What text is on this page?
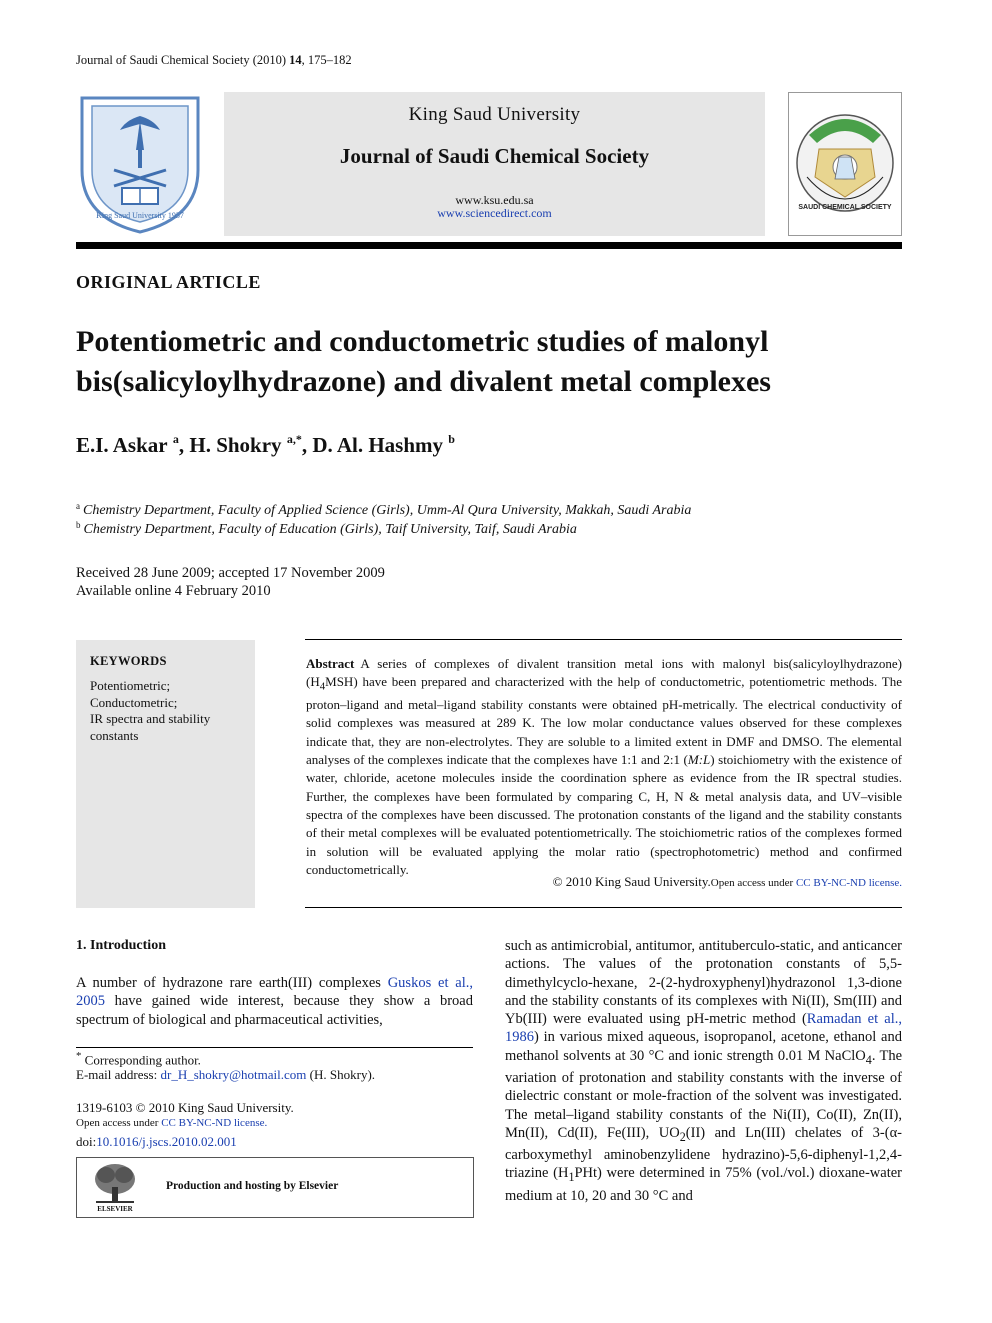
Journal of Saudi Chemical Society (2010) 14, 175–182
King Saud University 1957
King Saud University
Journal of Saudi Chemical Society
www.ksu.edu.sa
www.sciencedirect.com	SAUDI CHEMICAL SOCIETY
ORIGINAL ARTICLE
Potentiometric and conductometric studies of malonyl
bis(salicyloylhydrazone) and divalent metal complexes
E.I. Askar $^a$, H. Shokry $^{a,*}$, D. Al. Hashmy $^b$
$^a$ Chemistry Department, Faculty of Applied Science (Girls), Umm-Al Qura University, Makkah, Saudi Arabia
$^b$ Chemistry Department, Faculty of Education (Girls), Taif University, Taif, Saudi Arabia
Received 28 June 2009; accepted 17 November 2009
Available online 4 February 2010
KEYWORDS
Potentiometric;
Conductometric;
IR spectra and stability constants
Abstract A series of complexes of divalent transition metal ions with malonyl bis(salicyloylhydrazone) $(H_4MSH)$ have been prepared and characterized with the help of conductometric, potentiometric methods. The proton–ligand and metal–ligand stability constants were obtained pH-metrically. The electrical conductivity of solid complexes was measured at 289 K. The low molar conductance values observed for these complexes indicate that, they are non-electrolytes. They are soluble to a limited extent in DMF and DMSO. The elemental analyses of the complexes indicate that the complexes have 1:1 and 2:1 (M:L) stoichiometry with the existence of water, chloride, acetone molecules inside the coordination sphere as evidence from the IR spectral studies. Further, the complexes have been formulated by comparing C, H, N & metal analysis data, and UV–visible spectra of the complexes have been discussed. The protonation constants of the ligand and the stability constants of their metal complexes will be evaluated potentiometrically. The stoichiometric ratios of the complexes formed in solution will be evaluated applying the molar ratio (spectrophotometric) method and confirmed conductometrically.
© 2010 King Saud University.Open access under CC BY-NC-ND license.
1. Introduction
A number of hydrazone rare earth(III) complexes Guskos et al., 2005 have gained wide interest, because they show a broad spectrum of biological and pharmaceutical activities,
* Corresponding author.
E-mail address: dr_H_shokry@hotmail.com (H. Shokry).
1319-6103 © 2010 King Saud University.
Open access under CC BY-NC-ND license.
doi:10.1016/j.jscs.2010.02.001
ELSEVIER
Production and hosting by Elsevier
such as antimicrobial, antitumor, antituberculo-static, and anticancer actions. The values of the protonation constants of 5,5-dimethylcyclo-hexane, 2-(2-hydroxyphenyl)hydrazonol 1,3-dione and the stability constants of its complexes with Ni(II), Sm(III) and Yb(III) were evaluated using pH-metric method (Ramadan et al., 1986) in various mixed aqueous, isopropanol, acetone, ethanol and methanol solvents at 30 °C and ionic strength 0.01 M NaClO$_4$. The variation of protonation and stability constants with the inverse of dielectric constant or mole-fraction of the solvent was investigated. The metal–ligand stability constants of the Ni(II), Co(II), Zn(II), Mn(II), Cd(II), Fe(III), $UO_2(II)$ and Ln(III) chelates of 3-(α-carboxymethyl aminobenzylidene hydrazino)-5,6-diphenyl-1,2,4-triazine $(H_1PHt)$ were determined in 75% (vol./vol.) dioxane-water medium at 10, 20 and 30 °C and
